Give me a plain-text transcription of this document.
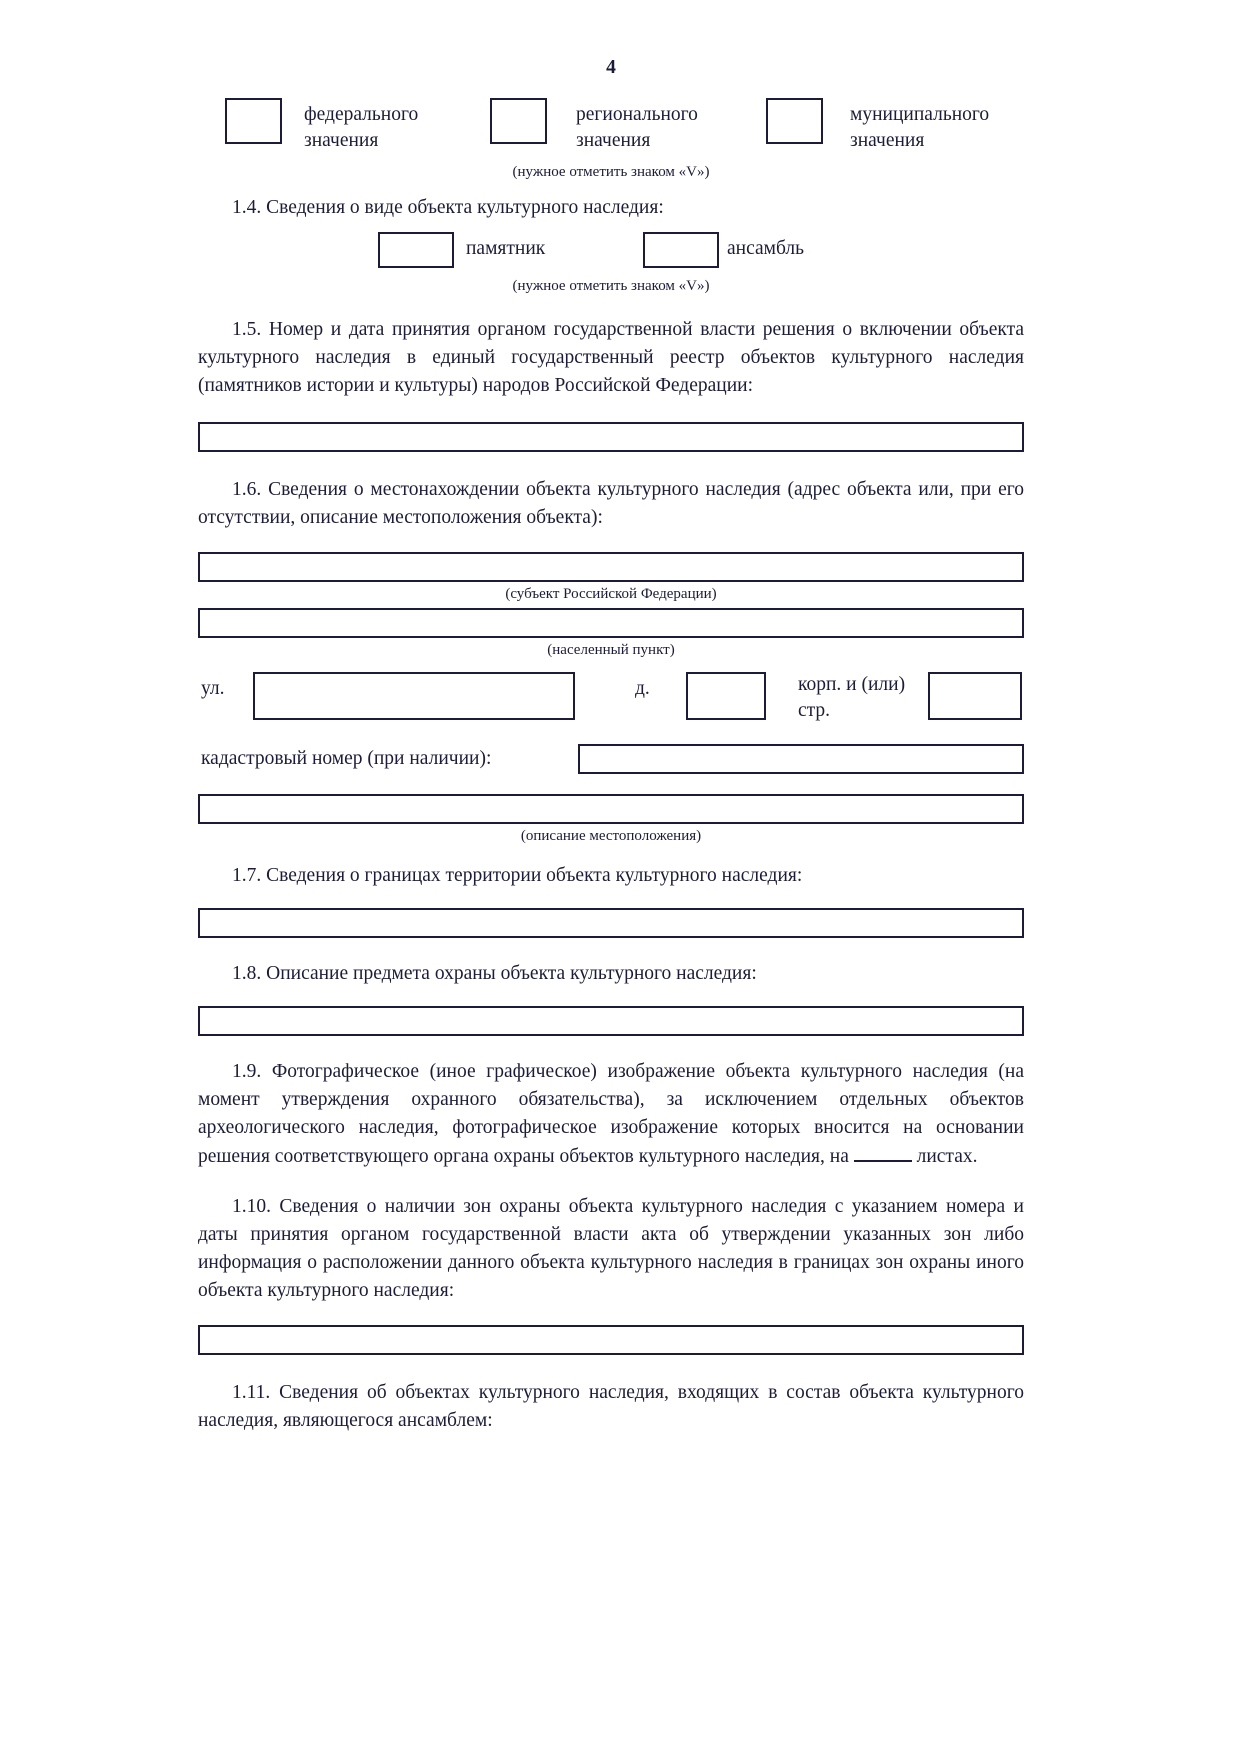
4
федерального значения
регионального значения
муниципального значения
(нужное отметить знаком «V»)

1.4. Сведения о виде объекта культурного наследия:

памятник	ансамбль
(нужное отметить знаком «V»)

1.5. Номер и дата принятия органом государственной власти решения о включении объекта культурного наследия в единый государственный реестр объектов культурного наследия (памятников истории и культуры) народов Российской Федерации:

1.6. Сведения о местонахождении объекта культурного наследия (адрес объекта или, при его отсутствии, описание местоположения объекта):

(субъект Российской Федерации)
(населенный пункт)
ул.	д.	корп. и (или) стр.
кадастровый номер (при наличии):
(описание местоположения)

1.7. Сведения о границах территории объекта культурного наследия:

1.8. Описание предмета охраны объекта культурного наследия:

1.9. Фотографическое (иное графическое) изображение объекта культурного наследия (на момент утверждения охранного обязательства), за исключением отдельных объектов археологического наследия, фотографическое изображение которых вносится на основании решения соответствующего органа охраны объектов культурного наследия, на	листах.

1.10. Сведения о наличии зон охраны объекта культурного наследия с указанием номера и даты принятия органом государственной власти акта об утверждении указанных зон либо информация о расположении данного объекта культурного наследия в границах зон охраны иного объекта культурного наследия:

1.11. Сведения об объектах культурного наследия, входящих в состав объекта культурного наследия, являющегося ансамблем:
